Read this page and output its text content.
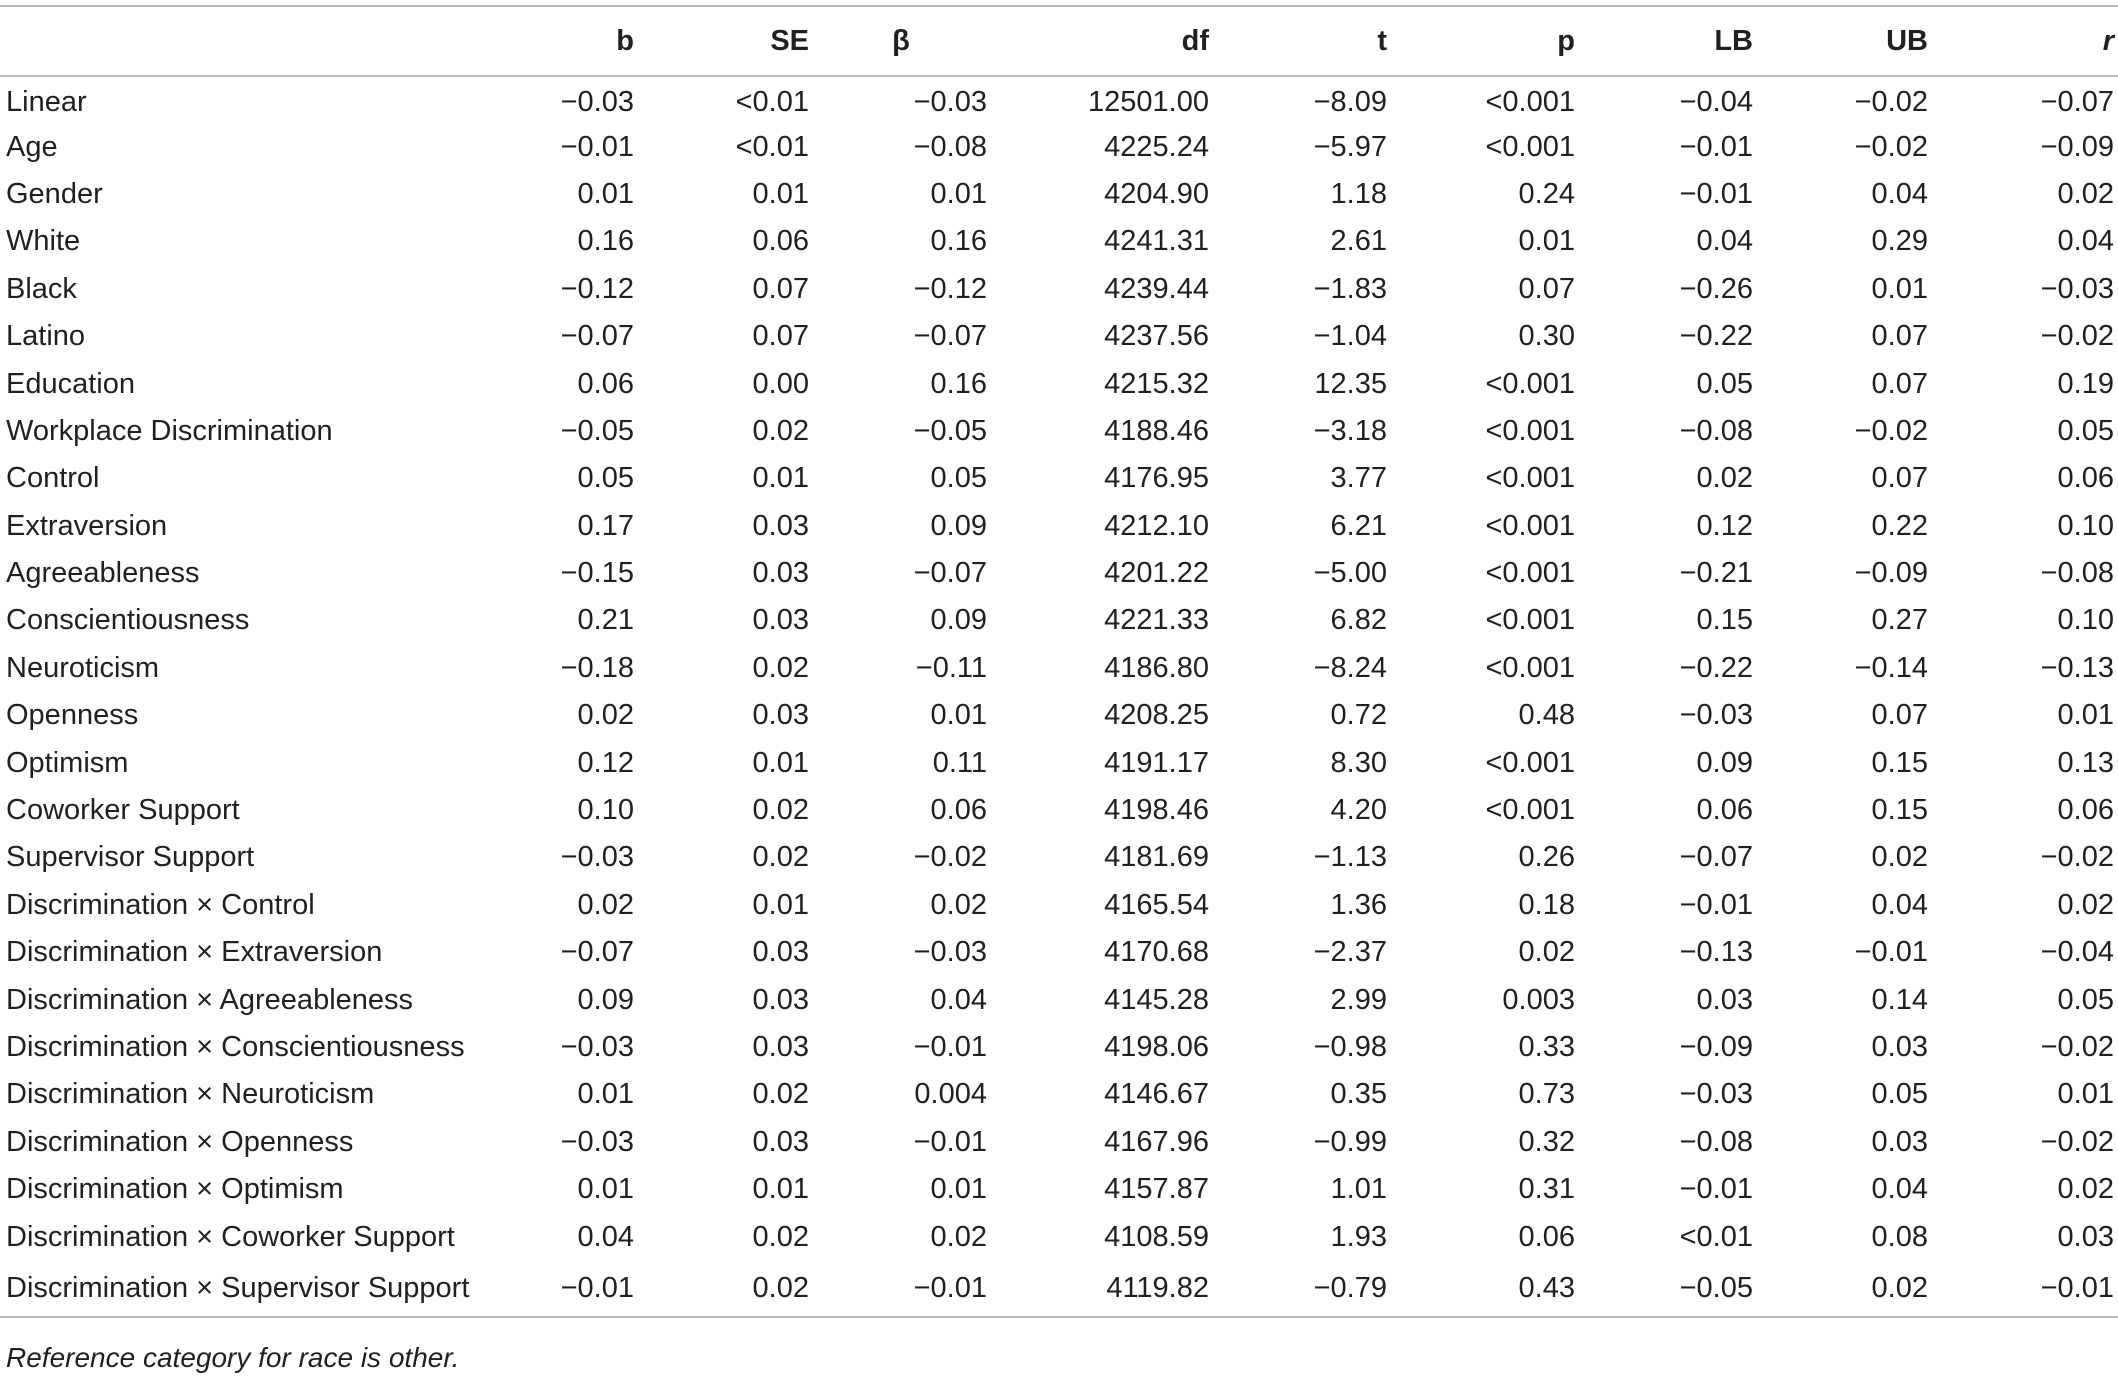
	b	SE	β	df	t	p	LB	UB	r
Linear	−0.03	<0.01	−0.03	12501.00	−8.09	<0.001	−0.04	−0.02	−0.07
Age	−0.01	<0.01	−0.08	4225.24	−5.97	<0.001	−0.01	−0.02	−0.09
Gender	0.01	0.01	0.01	4204.90	1.18	0.24	−0.01	0.04	0.02
White	0.16	0.06	0.16	4241.31	2.61	0.01	0.04	0.29	0.04
Black	−0.12	0.07	−0.12	4239.44	−1.83	0.07	−0.26	0.01	−0.03
Latino	−0.07	0.07	−0.07	4237.56	−1.04	0.30	−0.22	0.07	−0.02
Education	0.06	0.00	0.16	4215.32	12.35	<0.001	0.05	0.07	0.19
Workplace Discrimination	−0.05	0.02	−0.05	4188.46	−3.18	<0.001	−0.08	−0.02	0.05
Control	0.05	0.01	0.05	4176.95	3.77	<0.001	0.02	0.07	0.06
Extraversion	0.17	0.03	0.09	4212.10	6.21	<0.001	0.12	0.22	0.10
Agreeableness	−0.15	0.03	−0.07	4201.22	−5.00	<0.001	−0.21	−0.09	−0.08
Conscientiousness	0.21	0.03	0.09	4221.33	6.82	<0.001	0.15	0.27	0.10
Neuroticism	−0.18	0.02	−0.11	4186.80	−8.24	<0.001	−0.22	−0.14	−0.13
Openness	0.02	0.03	0.01	4208.25	0.72	0.48	−0.03	0.07	0.01
Optimism	0.12	0.01	0.11	4191.17	8.30	<0.001	0.09	0.15	0.13
Coworker Support	0.10	0.02	0.06	4198.46	4.20	<0.001	0.06	0.15	0.06
Supervisor Support	−0.03	0.02	−0.02	4181.69	−1.13	0.26	−0.07	0.02	−0.02
Discrimination × Control	0.02	0.01	0.02	4165.54	1.36	0.18	−0.01	0.04	0.02
Discrimination × Extraversion	−0.07	0.03	−0.03	4170.68	−2.37	0.02	−0.13	−0.01	−0.04
Discrimination × Agreeableness	0.09	0.03	0.04	4145.28	2.99	0.003	0.03	0.14	0.05
Discrimination × Conscientiousness	−0.03	0.03	−0.01	4198.06	−0.98	0.33	−0.09	0.03	−0.02
Discrimination × Neuroticism	0.01	0.02	0.004	4146.67	0.35	0.73	−0.03	0.05	0.01
Discrimination × Openness	−0.03	0.03	−0.01	4167.96	−0.99	0.32	−0.08	0.03	−0.02
Discrimination × Optimism	0.01	0.01	0.01	4157.87	1.01	0.31	−0.01	0.04	0.02
Discrimination × Coworker Support	0.04	0.02	0.02	4108.59	1.93	0.06	<0.01	0.08	0.03
Discrimination × Supervisor Support	−0.01	0.02	−0.01	4119.82	−0.79	0.43	−0.05	0.02	−0.01
Reference category for race is other.
